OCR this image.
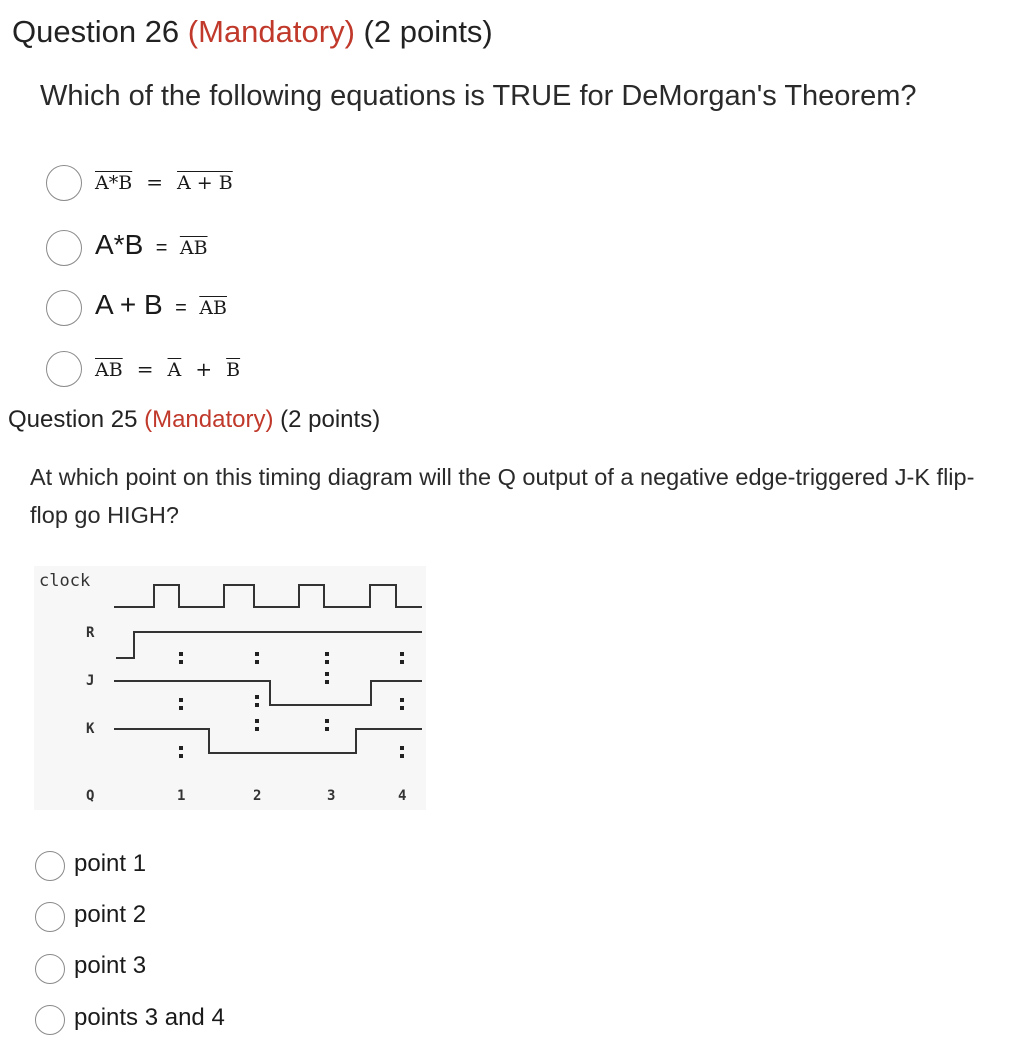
Question 26 (Mandatory) (2 points)
Which of the following equations is TRUE for DeMorgan's Theorem?
A*B = A + B
$A*B = \overline{AB}$
$A + B = \overline{AB}$
$\overline{AB} = \overline{A} + \overline{B}$
Question 25 (Mandatory) (2 points)
At which point on this timing diagram will the Q output of a negative edge-triggered J-K flip-flop go HIGH?
clock
R
J
K
Q	1	2	3	4
point 1
point 2
point 3
points 3 and 4
